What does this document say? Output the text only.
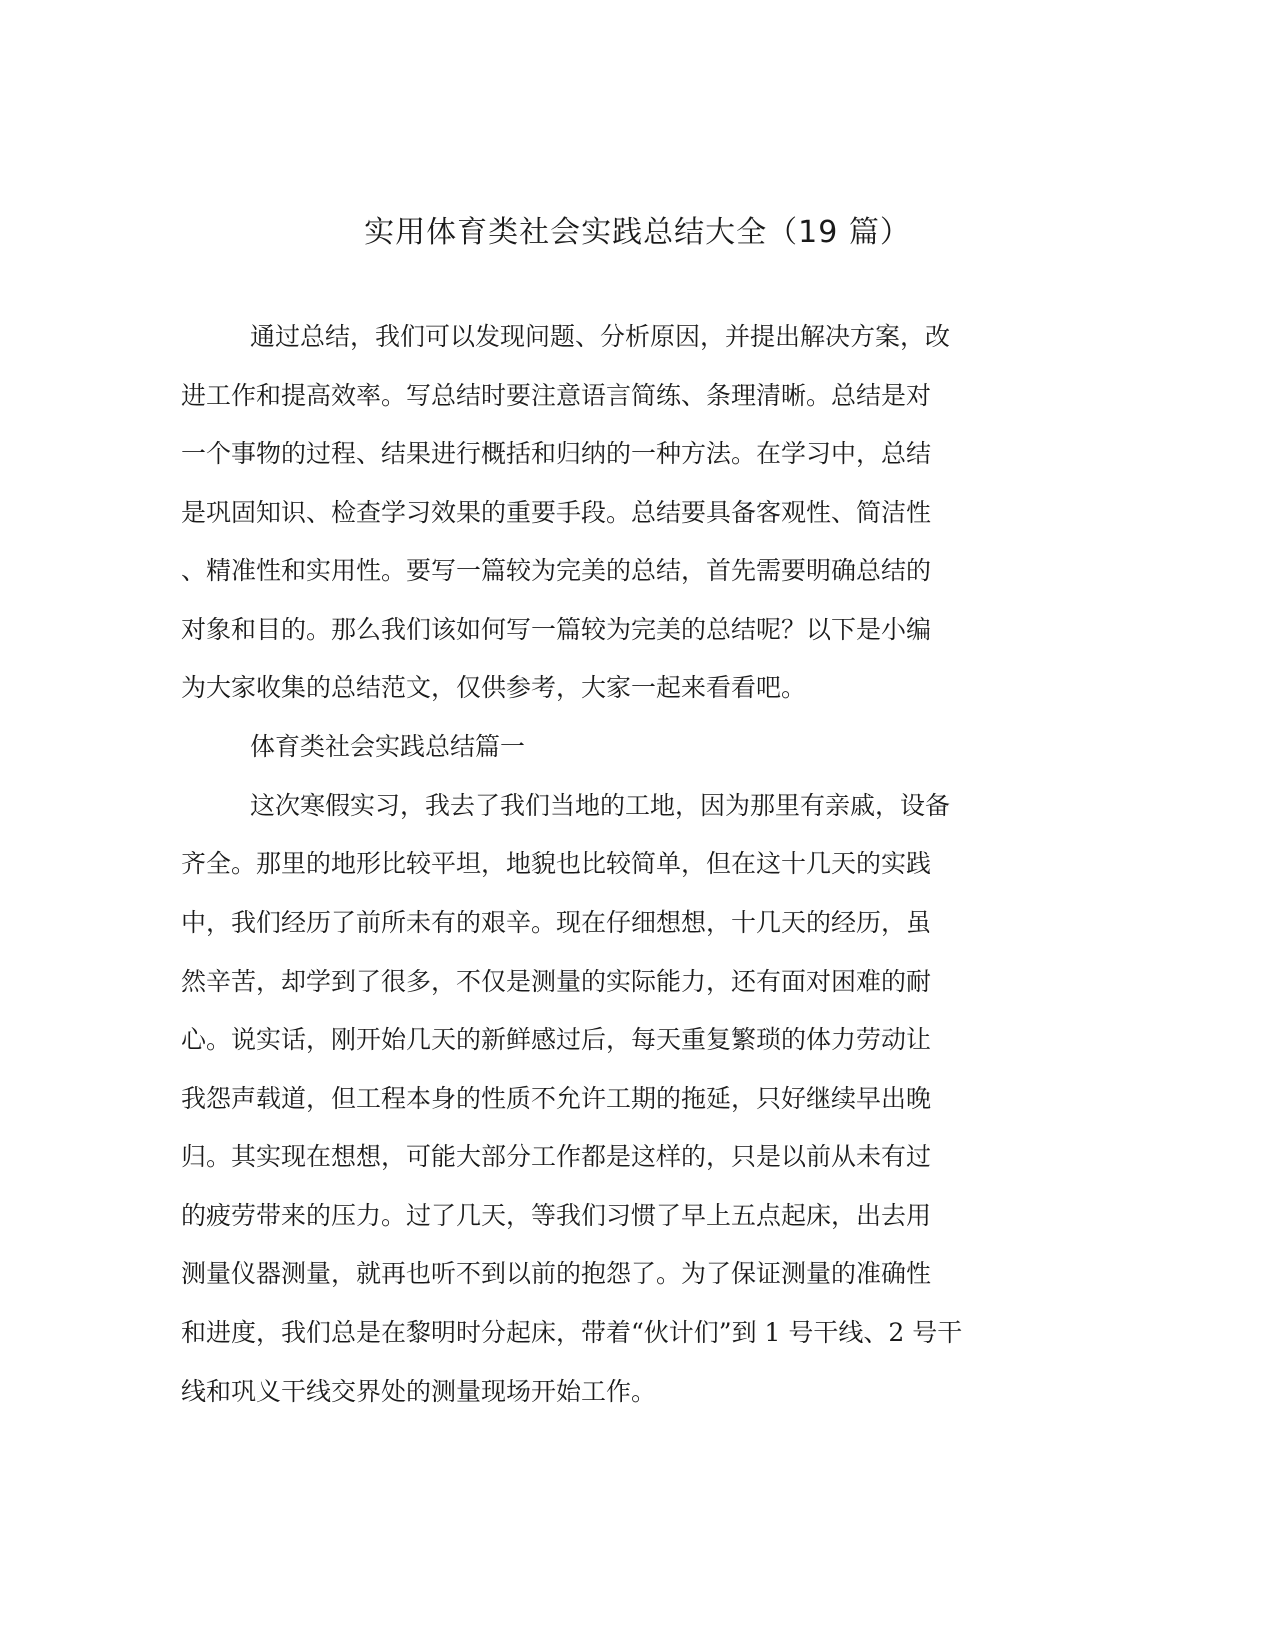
实用体育类社会实践总结大全（19 篇）
通过总结，我们可以发现问题、分析原因，并提出解决方案，改
进工作和提高效率。写总结时要注意语言简练、条理清晰。总结是对
一个事物的过程、结果进行概括和归纳的一种方法。在学习中，总结
是巩固知识、检查学习效果的重要手段。总结要具备客观性、简洁性
、精准性和实用性。要写一篇较为完美的总结，首先需要明确总结的
对象和目的。那么我们该如何写一篇较为完美的总结呢？以下是小编
为大家收集的总结范文，仅供参考，大家一起来看看吧。
体育类社会实践总结篇一
这次寒假实习，我去了我们当地的工地，因为那里有亲戚，设备
齐全。那里的地形比较平坦，地貌也比较简单，但在这十几天的实践
中，我们经历了前所未有的艰辛。现在仔细想想，十几天的经历，虽
然辛苦，却学到了很多，不仅是测量的实际能力，还有面对困难的耐
心。说实话，刚开始几天的新鲜感过后，每天重复繁琐的体力劳动让
我怨声载道，但工程本身的性质不允许工期的拖延，只好继续早出晚
归。其实现在想想，可能大部分工作都是这样的，只是以前从未有过
的疲劳带来的压力。过了几天，等我们习惯了早上五点起床，出去用
测量仪器测量，就再也听不到以前的抱怨了。为了保证测量的准确性
和进度，我们总是在黎明时分起床，带着“伙计们”到 1 号干线、2 号干
线和巩义干线交界处的测量现场开始工作。
